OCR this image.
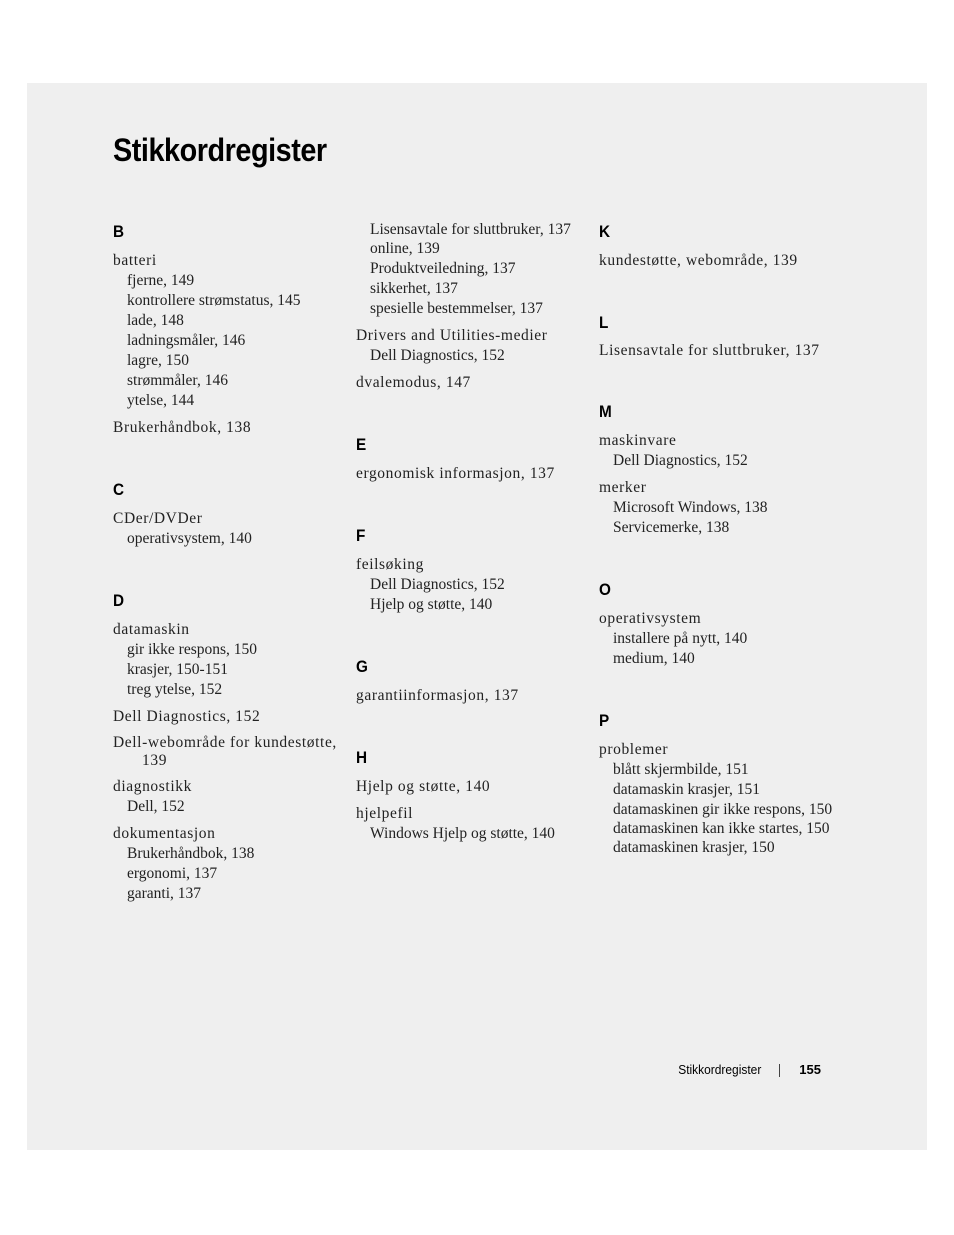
Stikkordregister
B
batteri
fjerne, 149
kontrollere strømstatus, 145
lade, 148
ladningsmåler, 146
lagre, 150
strømmåler, 146
ytelse, 144
Brukerhåndbok, 138
C
CDer/DVDer
operativsystem, 140
D
datamaskin
gir ikke respons, 150
krasjer, 150-151
treg ytelse, 152
Dell Diagnostics, 152
Dell-webområde for kundestøtte, 139
diagnostikk
Dell, 152
dokumentasjon
Brukerhåndbok, 138
ergonomi, 137
garanti, 137
Lisensavtale for sluttbruker, 137
online, 139
Produktveiledning, 137
sikkerhet, 137
spesielle bestemmelser, 137
Drivers and Utilities-medier
Dell Diagnostics, 152
dvalemodus, 147
E
ergonomisk informasjon, 137
F
feilsøking
Dell Diagnostics, 152
Hjelp og støtte, 140
G
garantiinformasjon, 137
H
Hjelp og støtte, 140
hjelpefil
Windows Hjelp og støtte, 140
K
kundestøtte, webområde, 139
L
Lisensavtale for sluttbruker, 137
M
maskinvare
Dell Diagnostics, 152
merker
Microsoft Windows, 138
Servicemerke, 138
O
operativsystem
installere på nytt, 140
medium, 140
P
problemer
blått skjermbilde, 151
datamaskin krasjer, 151
datamaskinen gir ikke respons, 150
datamaskinen kan ikke startes, 150
datamaskinen krasjer, 150
Stikkordregister	155
